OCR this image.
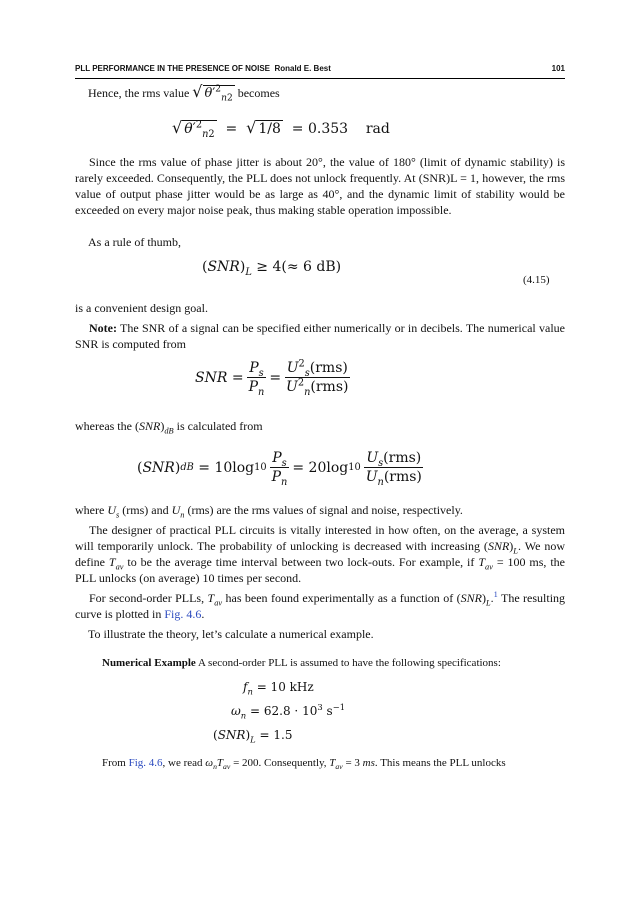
PLL PERFORMANCE IN THE PRESENCE OF NOISE Ronald E. Best	101
Hence, the rms value √ $\theta'^2_{n2}$ becomes
√ $\theta'^2_{n2}$  =  √ 1/8 = 0.353 rad

Since the rms value of phase jitter is about 20°, the value of 180° (limit of dynamic stability) is rarely exceeded. Consequently, the PLL does not unlock frequently. At (SNR)L = 1, however, the rms value of output phase jitter would be as large as 40°, and the dynamic limit of stability would be exceeded on every major noise peak, thus making stable operation impossible.

As a rule of thumb,
$(SNR)_L \ge 4(\approx 6$ dB)
(4.15)
is a convenient design goal.

Note: The SNR of a signal can be specified either numerically or in decibels. The numerical value SNR is computed from

SNR = $\frac{P_s}{P_n} = \frac{U^2_s(rms)}{U^2_n(rms)}$
whereas the $(SNR)_{dB}$ is calculated from
( SNR ) dB = 10log $10 \frac{P_s}{P_n} = 20\log$ $10 \frac{U_s(rms)}{U_n(rms)}$
where $U_s$ (rms) and $U_n$ (rms) are the rms values of signal and noise, respectively.

The designer of practical PLL circuits is vitally interested in how often, on the average, a system will temporarily unlock. The probability of unlocking is decreased with increasing $(SNR)_L$. We now define $T_{av}$ to be the average time interval between two lock-outs. For example, if $T_{av} = 100$ ms, the PLL unlocks (on average) 10 times per second.

For second-order PLLs, $T_{av}$ has been found experimentally as a function of $(SNR)_L.^1$ The resulting curve is plotted in Fig. 4.6.

To illustrate the theory, let’s calculate a numerical example.
Numerical Example A second-order PLL is assumed to have the following specifications:
$f_n = 10$ kHz
$\omega_n = 62.8 \cdot 10^3$ $s^{-1}$
$(SNR)_L = 1.5$
From Fig. 4.6, we read $\omega_nT_{av} = 200$. Consequently, $T_{av} = 3$ ms. This means the PLL unlocks
